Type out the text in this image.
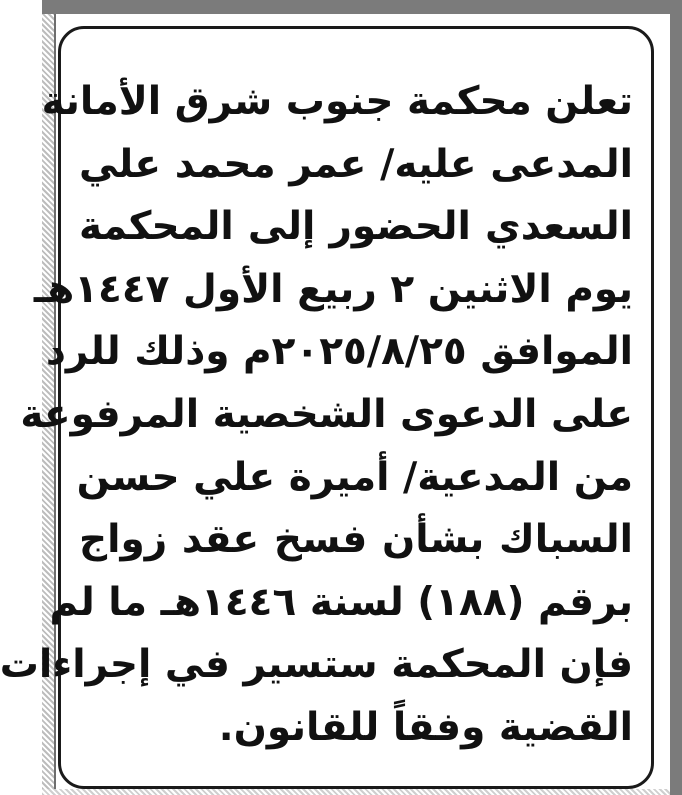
تعلن محكمة جنوب شرق الأمانة
المدعى عليه/ عمر محمد علي
السعدي الحضور إلى المحكمة
يوم الاثنين ٢ ربيع الأول ١٤٤٧هـ
الموافق ٢٠٢٥/٨/٢٥م وذلك للرد
على الدعوى الشخصية المرفوعة
من المدعية/ أميرة علي حسن
السباك بشأن فسخ عقد زواج
برقم (١٨٨) لسنة ١٤٤٦هـ ما لم
فإن المحكمة ستسير في إجراءات
القضية وفقاً للقانون.
